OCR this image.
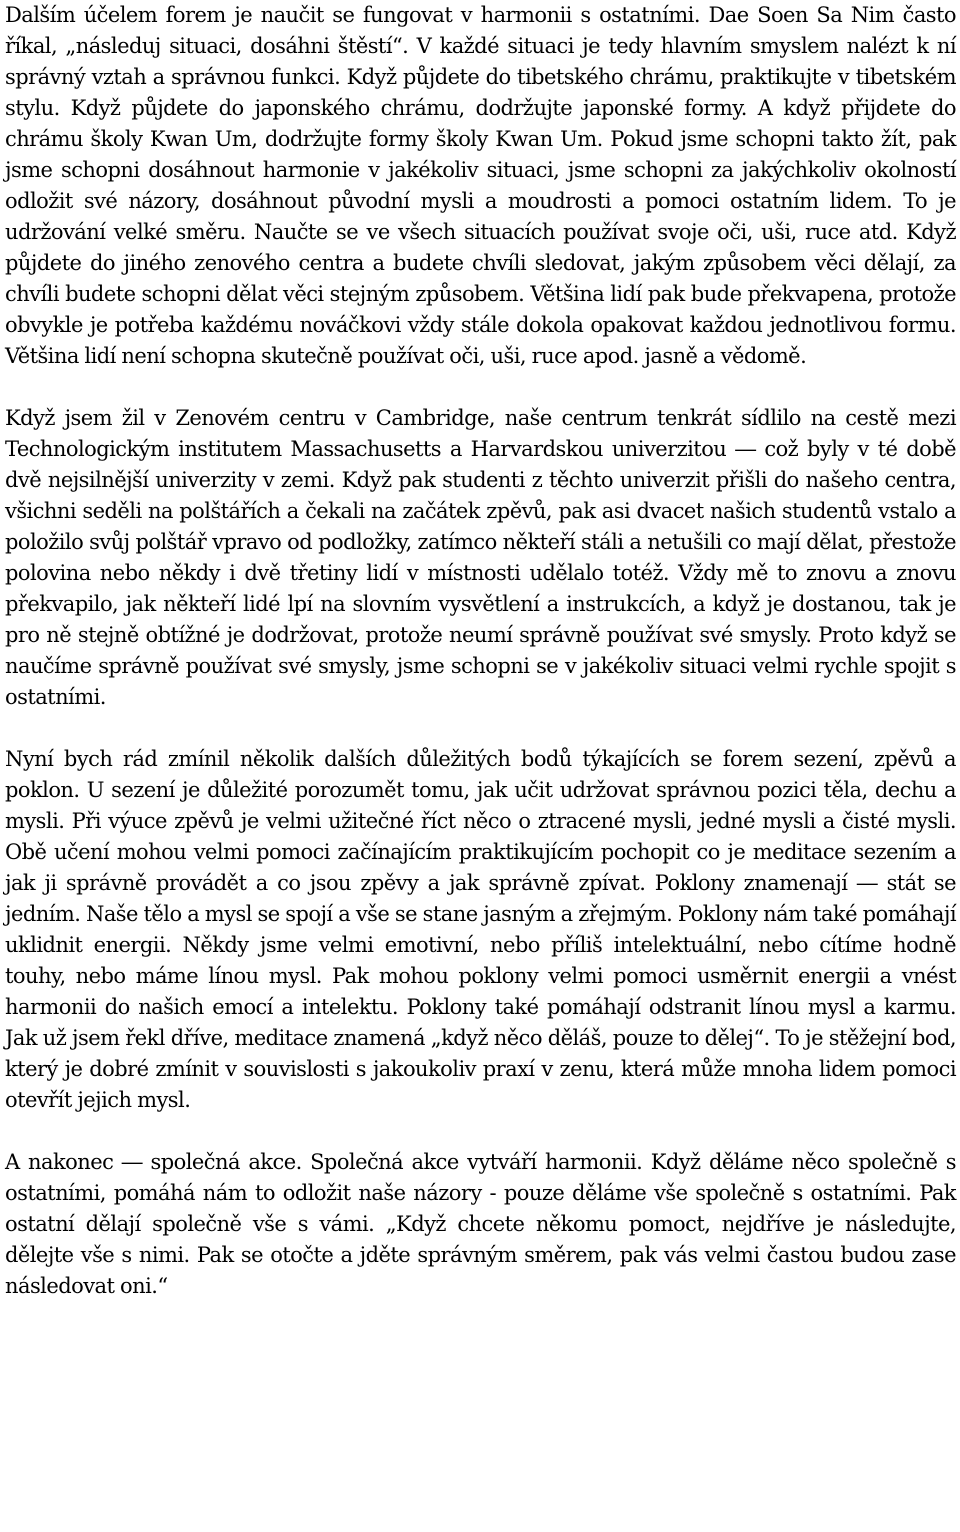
Dalším účelem forem je naučit se fungovat v harmonii s ostatními. Dae Soen Sa Nim často říkal, „následuj situaci, dosáhni štěstí“. V každé situaci je tedy hlavním smyslem nalézt k ní správný vztah a správnou funkci. Když půjdete do tibetského chrámu, praktikujte v tibetském stylu. Když půjdete do japonského chrámu, dodržujte japonské formy. A když přijdete do chrámu školy Kwan Um, dodržujte formy školy Kwan Um. Pokud jsme schopni takto žít, pak jsme schopni dosáhnout harmonie v jakékoliv situaci, jsme schopni za jakýchkoliv okolností odložit své názory, dosáhnout původní mysli a moudrosti a pomoci ostatním lidem. To je udržování velké směru. Naučte se ve všech situacích používat svoje oči, uši, ruce atd. Když půjdete do jiného zenového centra a budete chvíli sledovat, jakým způsobem věci dělají, za chvíli budete schopni dělat věci stejným způsobem. Většina lidí pak bude překvapena, protože obvykle je potřeba každému nováčkovi vždy stále dokola opakovat každou jednotlivou formu. Většina lidí není schopna skutečně používat oči, uši, ruce apod. jasně a vědomě.

Když jsem žil v Zenovém centru v Cambridge, naše centrum tenkrát sídlilo na cestě mezi Technologickým institutem Massachusetts a Harvardskou univerzitou ― což byly v té době dvě nejsilnější univerzity v zemi. Když pak studenti z těchto univerzit přišli do našeho centra, všichni seděli na polštářích a čekali na začátek zpěvů, pak asi dvacet našich studentů vstalo a položilo svůj polštář vpravo od podložky, zatímco někteří stáli a netušili co mají dělat, přestože polovina nebo někdy i dvě třetiny lidí v místnosti udělalo totéž. Vždy mě to znovu a znovu překvapilo, jak někteří lidé lpí na slovním vysvětlení a instrukcích, a když je dostanou, tak je pro ně stejně obtížné je dodržovat, protože neumí správně používat své smysly. Proto když se naučíme správně používat své smysly, jsme schopni se v jakékoliv situaci velmi rychle spojit s ostatními.

Nyní bych rád zmínil několik dalších důležitých bodů týkajících se forem sezení, zpěvů a poklon. U sezení je důležité porozumět tomu, jak učit udržovat správnou pozici těla, dechu a mysli. Při výuce zpěvů je velmi užitečné říct něco o ztracené mysli, jedné mysli a čisté mysli. Obě učení mohou velmi pomoci začínajícím praktikujícím pochopit co je meditace sezením a jak ji správně provádět a co jsou zpěvy a jak správně zpívat. Poklony znamenají ― stát se jedním. Naše tělo a mysl se spojí a vše se stane jasným a zřejmým. Poklony nám také pomáhají uklidnit energii. Někdy jsme velmi emotivní, nebo příliš intelektuální, nebo cítíme hodně touhy, nebo máme línou mysl. Pak mohou poklony velmi pomoci usměrnit energii a vnést harmonii do našich emocí a intelektu. Poklony také pomáhají odstranit línou mysl a karmu. Jak už jsem řekl dříve, meditace znamená „když něco děláš, pouze to dělej“. To je stěžejní bod, který je dobré zmínit v souvislosti s jakoukoliv praxí v zenu, která může mnoha lidem pomoci otevřít jejich mysl.

A nakonec ― společná akce. Společná akce vytváří harmonii. Když děláme něco společně s ostatními, pomáhá nám to odložit naše názory - pouze děláme vše společně s ostatními. Pak ostatní dělají společně vše s vámi. „Když chcete někomu pomoct, nejdříve je následujte, dělejte vše s nimi. Pak se otočte a jděte správným směrem, pak vás velmi častou budou zase následovat oni.“
